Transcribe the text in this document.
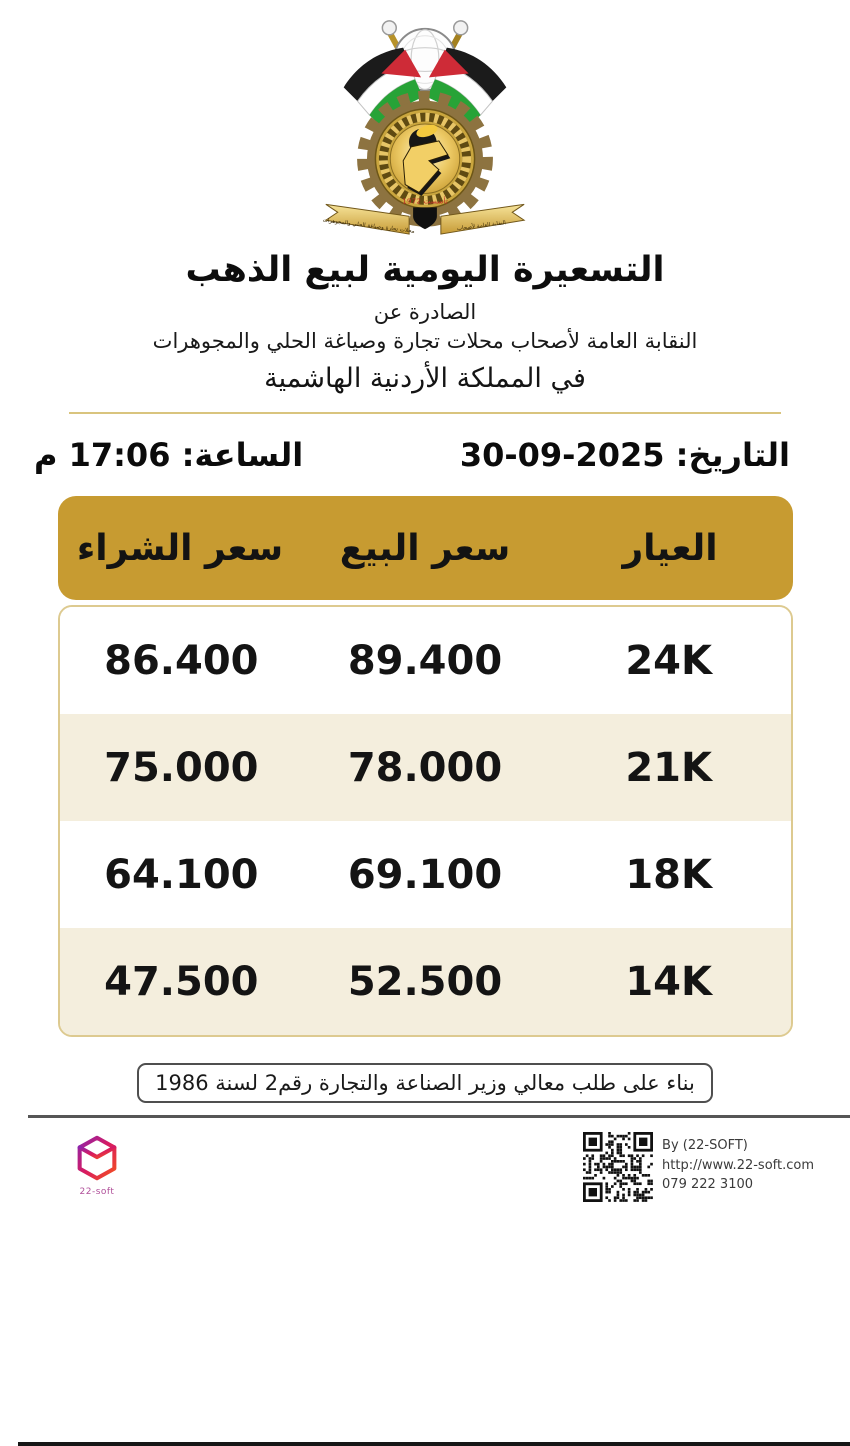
تأسست 1972
محلات تجارة وصياغة الحلي والمجوهرات	النقابة العامة لأصحاب
التسعيرة اليومية لبيع الذهب
الصادرة عن
النقابة العامة لأصحاب محلات تجارة وصياغة الحلي والمجوهرات
في المملكة الأردنية الهاشمية
التاريخ: 30-09-2025
الساعة: 17:06 م
العيار
سعر البيع
سعر الشراء
24K
89.400
86.400
21K
78.000
75.000
18K
69.100
64.100
14K
52.500
47.500
بناء على طلب معالي وزير الصناعة والتجارة رقم2 لسنة 1986
22-soft
By (22-SOFT)
http://www.22-soft.com
079 222 3100
